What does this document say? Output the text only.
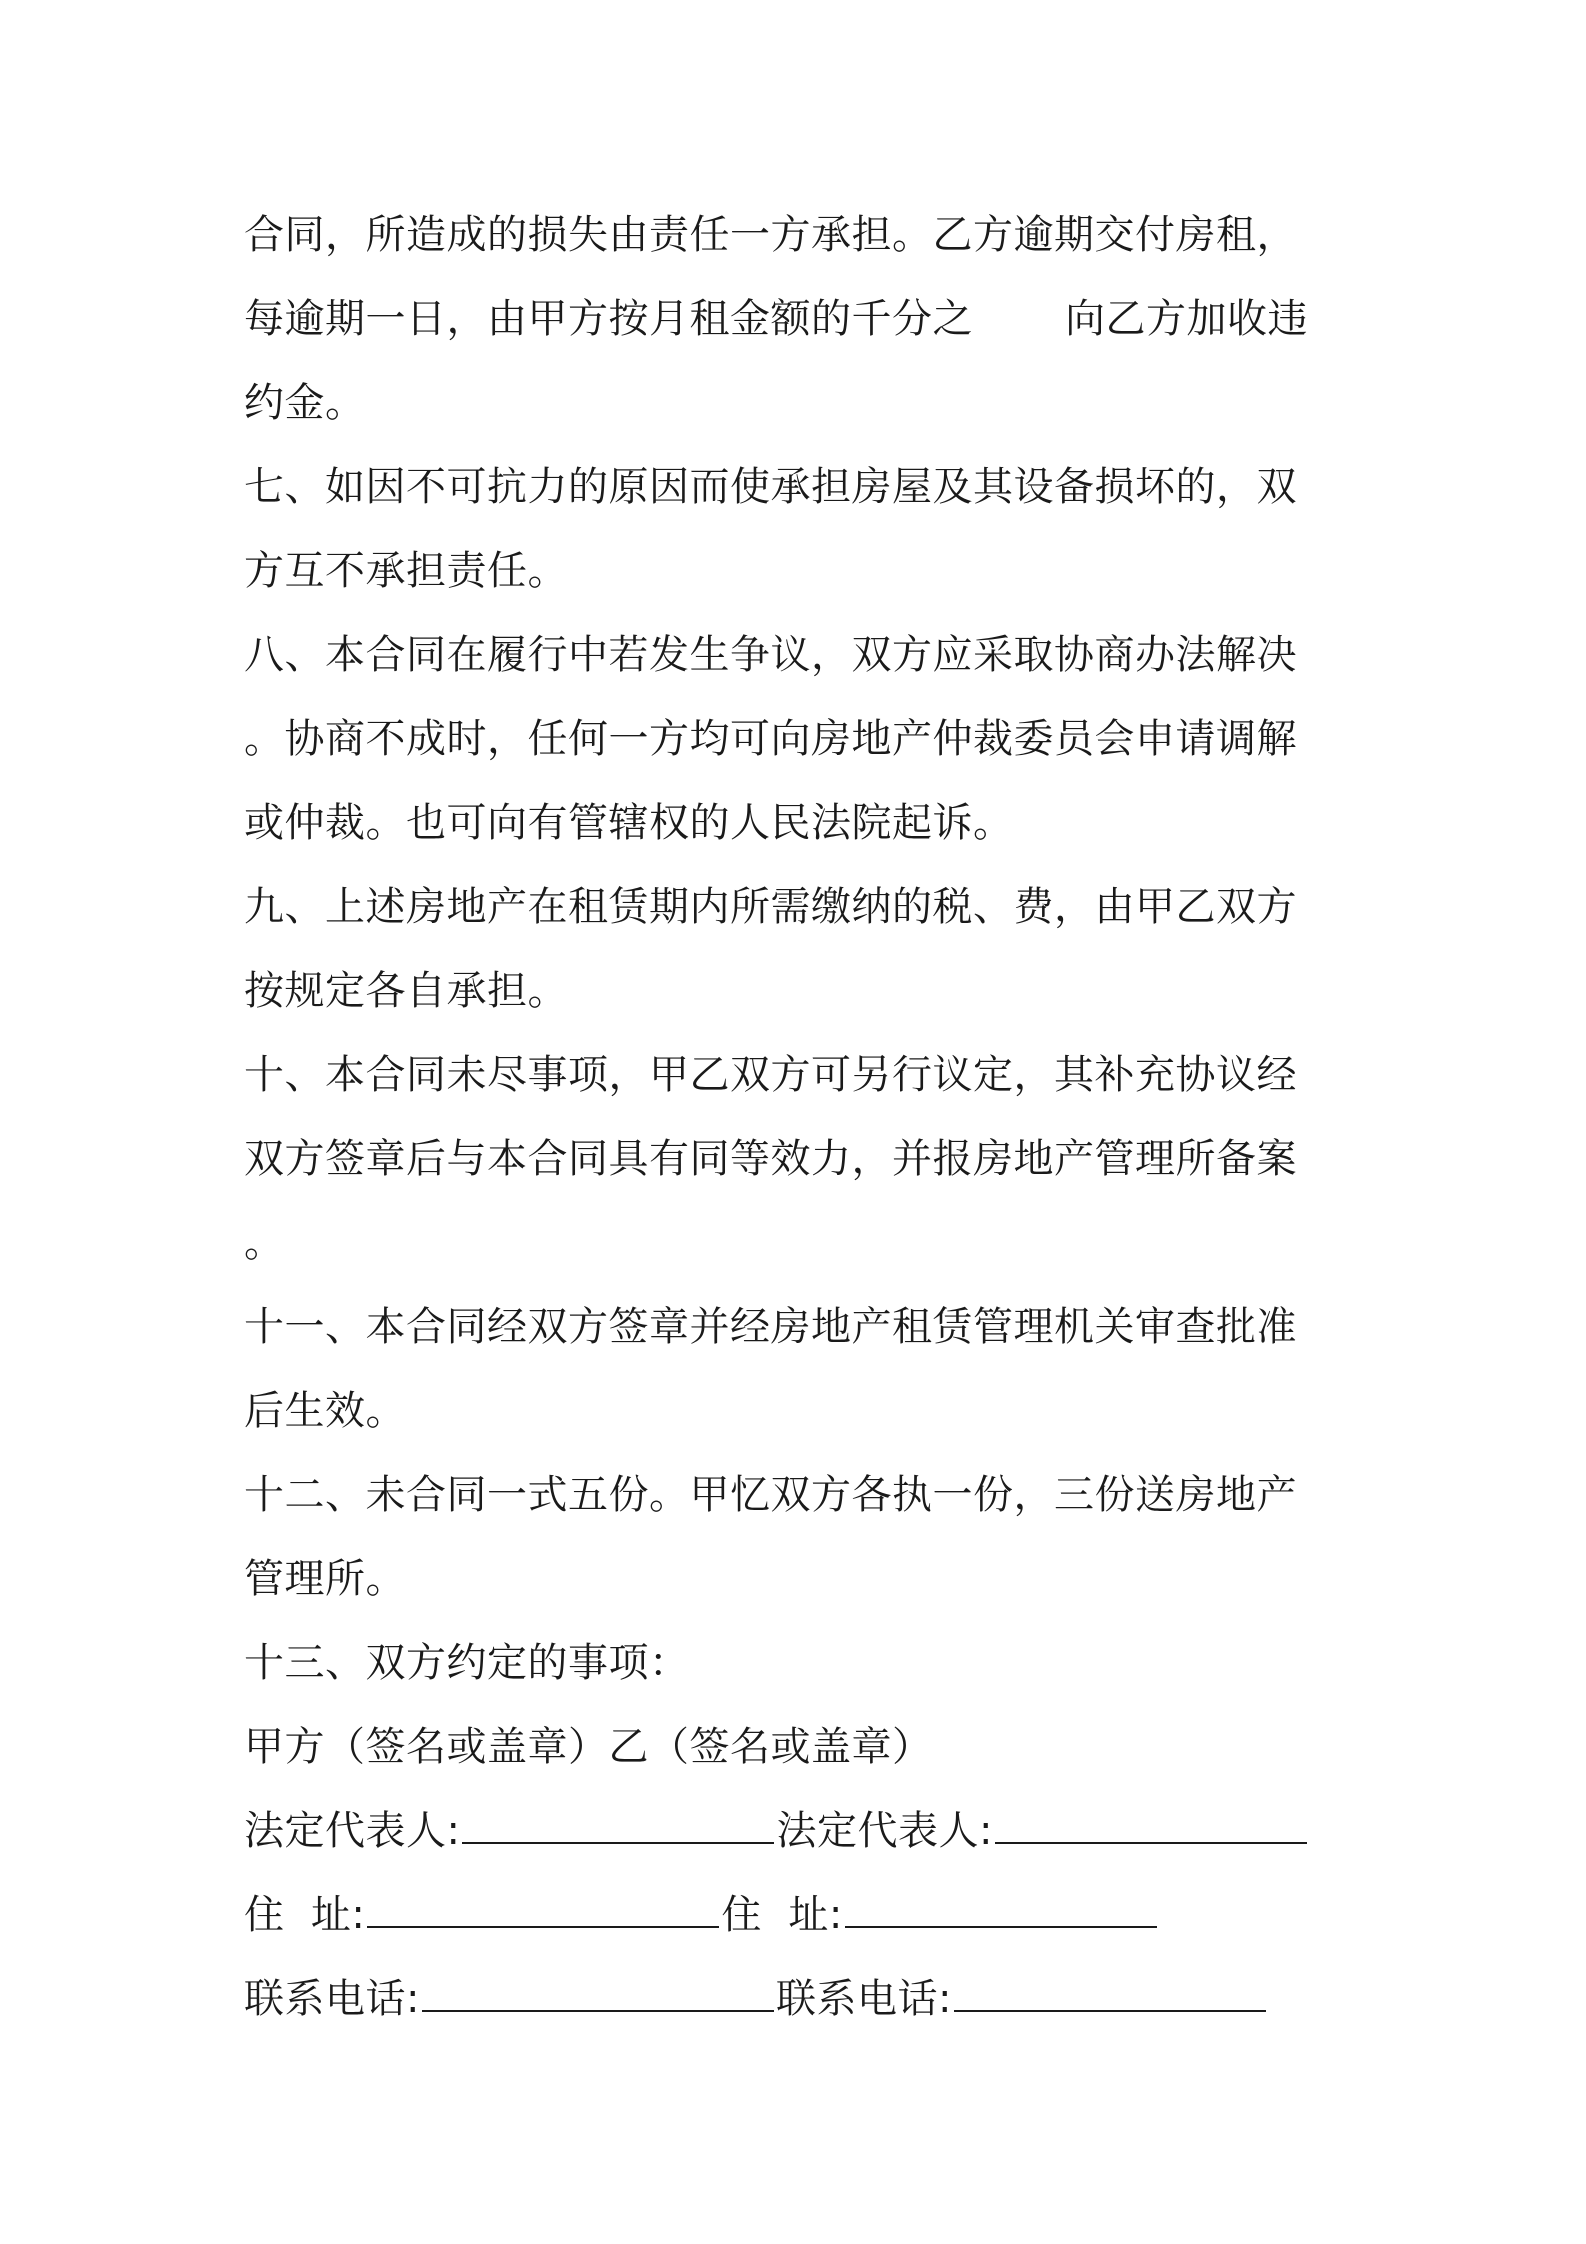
合同，所造成的损失由责任一方承担。乙方逾期交付房租，
每逾期一日，由甲方按月租金额的千分之 向乙方加收违
约金。
七、如因不可抗力的原因而使承担房屋及其设备损坏的，双
方互不承担责任。
八、本合同在履行中若发生争议，双方应采取协商办法解决
。协商不成时，任何一方均可向房地产仲裁委员会申请调解
或仲裁。也可向有管辖权的人民法院起诉。
九、上述房地产在租赁期内所需缴纳的税、费，由甲乙双方
按规定各自承担。
十、本合同未尽事项，甲乙双方可另行议定，其补充协议经
双方签章后与本合同具有同等效力，并报房地产管理所备案
。
十一、本合同经双方签章并经房地产租赁管理机关审查批准
后生效。
十二、未合同一式五份。甲忆双方各执一份，三份送房地产
管理所。
十三、双方约定的事项：
甲方（签名或盖章）乙（签名或盖章）
法定代表人:	法定代表人:
住  址:	住  址:
联系电话:	联系电话:
